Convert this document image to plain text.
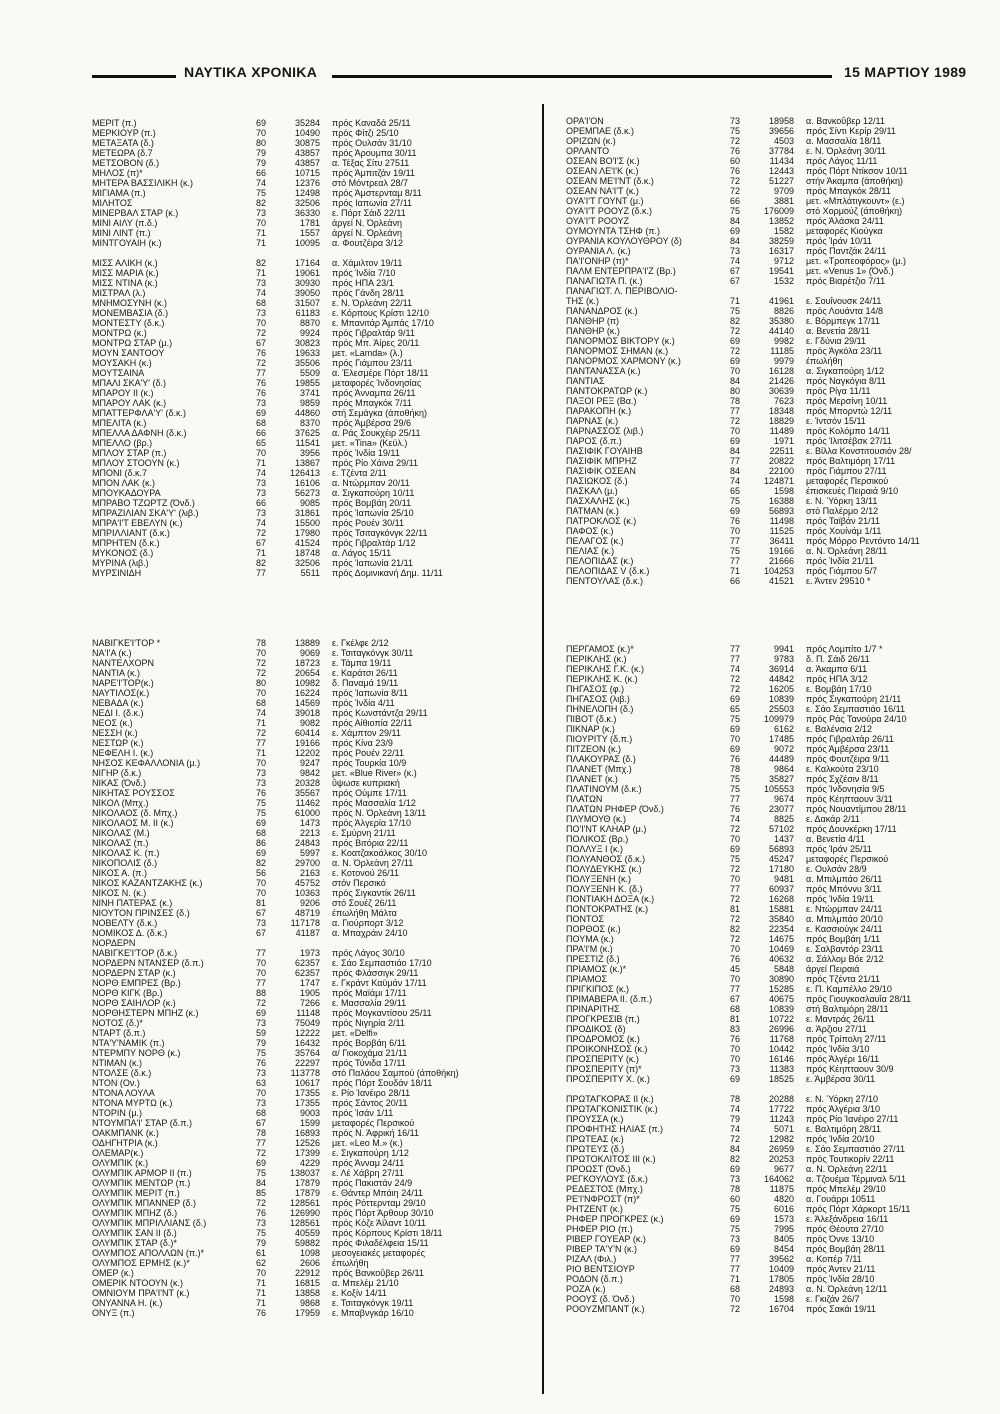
ΝΑΥΤΙΚΑ ΧΡΟΝΙΚΑ	15 ΜΑΡΤΙΟΥ 1989
ΜΕΡΙΤ (π.)	69	35284 πρός Καναδά 25/11
ΜΕΡΚΙΟΥΡ (π.)	70	10490 πρός Φίτζι 25/10
ΜΕΤΑΞΑΤΑ (δ.)	80	30875 πρός Ουλσάν 31/10
ΜΕΤΕΩΡΑ (δ.7	79	43857 πρός Άρουμπα 30/11
ΜΕΤΣΟΒΟΝ (δ.)	79	43857 α. Τέξας Σίτυ 27511
ΜΗΛΟΣ (π)*	66	10715 πρός Άμπιτζάν 19/11
ΜΗΤΕΡΑ ΒΑΣΣΙΛΙΚΗ (κ.)	74	12376 στό Μόντρεαλ 28/7
ΜΙΓΙΑΜΑ (π.)	75	12498 πρός Άμστερνταμ 8/11
ΜΙΛΗΤΟΣ	82	32506 πρός Ιαπωνία 27/11
ΜΙΝΕΡΒΑΛ ΣΤΑΡ (κ.)	73	36330 ε. Πόρτ Σάιδ 22/11
ΜΙΝΙ ΑΙΛΥ (π.δ.)	70	1781 άργεί Ν. Όρλεάνη
ΜΙΝΙ ΛΙΝΤ (π.)	71	1557 άργεί Ν. Όρλεάνη
ΜΙΝΤΓΟΥΑΙΗ (κ.)	71	10095 α. Φουτζέιρα 3/12
ΜΙΣΣ ΑΛΙΚΗ (κ.)	82	17164 α. Χάμιλτον 19/11
ΜΙΣΣ ΜΑΡΙΑ (κ.)	71	19061 πρός Ίνδία 7/10
ΜΙΣΣ ΝΤΙΝΑ (κ.)	73	30930 πρός ΗΠΑ 23/1
ΜΙΣΤΡΑΛ (λ.)	74	39050 πρός Γάνδη 28/11
ΜΝΗΜΟΣΥΝΗ (κ.)	68	31507 ε. Ν. Όρλεάνη 22/11
ΜΟΝΕΜΒΑΣΙΑ (δ.)	73	61183 ε. Κόρπους Κρίστι 12/10
ΜΟΝΤΕΣΤΥ (δ.κ.)	70	8870 ε. Μπανιτάρ Άμπάς 17/10
ΜΟΝΤΡΩ (κ.)	72	9924 πρός Γιβραλτάρ 9/11
ΜΟΝΤΡΩ ΣΤΑΡ (μ.)	67	30823 πρός Μπ. Άίρες 20/11
ΜΟΥΝ ΣΑΝΤΟΟΥ	76	19633 μετ. «Lamda» (λ.)
ΜΟΥΣΑΚΗ (κ.)	72	35506 πρός Γιάμπου 23/11
ΜΟΥΤΣΑΙΝΑ	77	5509 α. Έλεσμέρε Πόρτ 18/11
ΜΠΑΛΙ ΣΚΑ'Υ' (δ.)	76	19855 μεταφορές Ίνδονησίας
ΜΠΑΡΟΥ ΙΙ (κ.)	76	3741 πρός Άνναμπα 26/11
ΜΠΑΡΟΥ ΛΑΚ (κ.)	73	9859 πρός Μπαγκόκ 7/11
ΜΠΑΤΤΕΡΦΛΑ'Υ' (δ.κ.)	69	44860 στή Σεμάγκα (άποθήκη)
ΜΠΕΛΙΤΑ (κ.)	68	8370 πρός Άμβέρσα 29/6
ΜΠΕΛΛΑ ΔΑΦΝΗ (δ.κ.)	66	37625 α. Ράς Σουκχέιρ 25/11
ΜΠΕΛΛΟ (βρ.)	65	11541 μετ. «Tina» (Κεϋλ.)
ΜΠΛΟΥ ΣΤΑΡ (π.)	70	3956 πρός Ίνδία 19/11
ΜΠΛΟΥ ΣΤΟΟΥΝ (κ.)	71	13867 πρός Ρίο Χάινα 29/11
ΜΠΟΝΙ (δ.κ.7	74	126413 ε. Τζέντα 2/11
ΜΠΟΝ ΛΑΚ (κ.)	73	16106 α. Ντώρμπαν 20/11
ΜΠΟΥΚΑΔΟΥΡΑ	73	56273 α. Σιγκαπούρη 10/11
ΜΠΡΑΒΟ ΤΖΩΡΤΖ (Όνδ.)	66	9085 πρός Βομβάη 20/11
ΜΠΡΑΖΙΛΙΑΝ ΣΚΑ'Υ' (λιβ.)	73	31861 πρός Ίαπωνία 25/10
ΜΠΡΑ'Ι'Τ ΕΒΕΛΥΝ (κ.)	74	15500 πρός Ρουέν 30/11
ΜΠΡΙΛΛΙΑΝΤ (δ.κ.)	72	17980 πρός Τσιταγκόνγκ 22/11
ΜΠΡΗΤΕΝ (δ.κ.)	67	41524 πρός Γιβραλτάρ 1/12
ΜΥΚΟΝΟΣ (δ.)	71	18748 α. Λάγος 15/11
ΜΥΡΙΝΑ (λιβ.)	82	32506 πρός Ίαπωνία 21/11
ΜΥΡΣΙΝΙΔΗ	77	5511 πρός Δομινικανή Δημ. 11/11
ΝΑΒΙΓΚΕ'Ι'ΤΟΡ *	78	13889 ε. Γκέλφε 2/12
ΝΑ'Ι'Α (κ.)	70	9069 ε. Τσιταγκόνγκ 30/11
ΝΑΝΤΕΛΧΟΡΝ	72	18723 ε. Τάμπα 19/11
ΝΑΝΤΙΑ (κ.)	72	20654 ε. Καράτσι 26/11
ΝΑΡΕ'Ι'ΤΟΡ(κ.)	80	10982 δ. Παναμά 19/11
ΝΑΥΤΙΛΟΣ(κ.)	70	16224 πρός Ίαπωνία 8/11
ΝΕΒΑΔΑ (κ.)	68	14569 πρός Ίνδία 4/11
ΝΕΔΙ Ι. (δ.κ.)	74	39018 πρός Κωνστάντζα 29/11
ΝΕΟΣ (κ.)	71	9082 πρός Αίθιοπία 22/11
ΝΕΣΣΗ (κ.)	72	60414 ε. Χάμπτον 29/11
ΝΕΣΤΩΡ (κ.)	77	19166 πρός Κίνα 23/9
ΝΕΦΕΛΗ Ι. (κ.)	71	12202 πρός Ρουέν 22/11
ΝΗΣΟΣ ΚΕΦΑΛΛΟΝΙΑ (μ.)	70	9247 πρός Τουρκία 10/9
ΝΙΓΗΡ (δ.κ.)	73	9842 μετ. «Blue River» (κ.)
ΝΙΚΑΣ (Όνδ.)	73	20328 ΰψωσε κυπριακή
ΝΙΚΗΤΑΣ ΡΟΥΣΣΟΣ	76	35567 πρός Ούμπε 17/11
ΝΙΚΟΛ (Μπχ.)	75	11462 πρός Μασσαλία 1/12
ΝΙΚΟΛΑΟΣ (δ. Μπχ.)	75	61000 πρός Ν. Όρλεάνη 13/11
ΝΙΚΟΛΑΟΣ Μ. ΙΙ (κ.)	69	1473 πρός Άλγερία 17/10
ΝΙΚΟΛΑΣ (Μ.)	68	2213 ε. Σμύρνη 21/11
ΝΙΚΟΛΑΣ (π.)	86	24843 πρός Βιτόρια 22/11
ΝΙΚΟΛΑΣ Κ. (π.)	69	5997 ε. Κοατζακοάλκος 30/10
ΝΙΚΟΠΟΛΙΣ (δ.)	82	29700 α. Ν. Όρλεάνη 27/11
ΝΙΚΟΣ Α. (π.)	56	2163 ε. Κοτονού 26/11
ΝΙΚΟΣ ΚΑΖΑΝΤΖΑΚΗΣ (κ.)	70	45752 στόν Περσικό
ΝΙΚΟΣ Ν. (κ.)	70	10363 πρός Σιγκαντίκ 26/11
ΝΙΝΗ ΠΑΤΕΡΑΣ (κ.)	81	9206 στό Σουέζ 26/11
ΝΙΟΥΤΟΝ ΠΡΙΝΣΕΣ (δ.)	67	48719 έπωλήθη Μάλτα
ΝΟΒΕΛΤΥ (δ.κ.)	73	117178 α. Γιούρπορτ 3/12
ΝΟΜΙΚΟΣ Δ. (δ.κ.)	67	41187 α. Μπαχράιν 24/10
ΝΟΡΔΕΡΝ
ΝΑΒΙΓΚΕ'Ι'ΤΟΡ (δ.κ.)	77	1973 πρός Λάγος 30/10
ΝΟΡΔΕΡΝ ΝΤΑΝΣΕΡ (δ.π.)	70	62357 ε. Σάο Σεμπαστιάο 17/10
ΝΟΡΔΕΡΝ ΣΤΑΡ (κ.)	70	62357 πρός Φλάσσιγκ 29/11
ΝΟΡΘ ΕΜΠΡΕΣ (Βρ.)	77	1747 ε. Γκράντ Καϋμάν 17/11
ΝΟΡΘ ΚΙΓΚ (Βρ.)	88	1905 πρός Μαϊάμι 17/11
ΝΟΡΘ ΣΑΙΗΛΟΡ (κ.)	72	7266 ε. Μασσαλία 29/11
ΝΟΡΘΗΣΤΕΡΝ ΜΠΗΖ (κ.)	69	11148 πρός Μογκαντίσου 25/11
ΝΟΤΟΣ (δ.)*	73	75049 πρός Νιγηρία 2/11
ΝΤΑΡΤ (δ.π.)	59	12222 μετ. «Delfi»
ΝΤΑ'Υ'ΝΑΜΙΚ (π.)	79	16432 πρός Βορβάη 6/11
ΝΤΕΡΜΠΥ ΝΟΡΘ (κ.)	75	35764 α/ Γιοκοχάμα 21/11
ΝΤΙΜΑΝ (κ.)	76	22297 πρός Τύνιδα 17/11
ΝΤΟΛΣΕ (δ.κ.)	73	113778 στό Παλάου Σαμπού (άποθήκη)
ΝΤΟΝ (Ον.)	63	10617 πρός Πόρτ Σουδάν 18/11
ΝΤΟΝΑ ΛΟΥΛΑ	70	17355 ε. Ρίο Ίανέιρο 28/11
ΝΤΟΝΑ ΜΥΡΤΩ (κ.)	73	17355 πρός Σάντος 20/11
ΝΤΟΡΙΝ (μ.)	68	9003 πρός Ίσάν 1/11
ΝΤΟΥΜΠΑ'Ι' ΣΤΑΡ (δ.π.)	67	1599 μεταφορές Περσικού
ΟΑΚΜΠΑΝΚ (κ.)	78	16893 πρός Ν. Άφρική 16/11
ΟΔΗΓΗΤΡΙΑ (κ.)	77	12526 μετ. «Leo M.» (κ.)
ΟΛΕΜΑΡ(κ.)	72	17399 ε. Σιγκαπούρη 1/12
ΟΛΥΜΠΙΚ (κ.)	69	4229 πρός Άνναμ 24/11
ΟΛΥΜΠΙΚ ΑΡΜΟΡ ΙΙ (π.)	75	138037 ε. Λέ Χάβρη 27/11
ΟΛΥΜΠΙΚ ΜΕΝΤΩΡ (π.)	84	17879 πρός Πακιστάν 24/9
ΟΛΥΜΠΙΚ ΜΕΡΙΤ (π.)	85	17879 ε. Θάντερ Μπάιη 24/11
ΟΛΥΜΠΙΚ ΜΠΑΝΝΕΡ (δ.)	72	128561 πρός Ρόττερνταμ 29/10
ΟΛΥΜΠΙΚ ΜΠΗΖ (δ.)	76	126990 πρός Πόρτ Άρθουρ 30/10
ΟΛΥΜΠΙΚ ΜΠΡΙΛΛΙΑΝΣ (δ.)	73	128561 πρός Κόζε Άϊλαντ 10/11
ΟΛΥΜΠΙΚ ΣΑΝ ΙΙ (δ.)	75	40559 πρός Κόρπους Κρίστι 18/11
ΟΛΥΜΠΙΚ ΣΤΑΡ (δ.)*	79	59882 πρός Φιλαδέλφεια 15/11
ΟΛΥΜΠΟΣ ΑΠΟΛΛΩΝ (π.)*	61	1098 μεσογειακές μεταφορές
ΟΛΥΜΠΟΣ ΕΡΜΗΣ (κ.)*	62	2606 έπωλήθη
ΟΜΕΡ (κ.)	70	22912 πρός Βανκοΰβερ 26/11
ΟΜΕΡΙΚ ΝΤΟΟΥΝ (κ.)	71	16815 α. Μπελέμ 21/10
ΟΜΝΙΟΥΜ ΠΡΑ'Ι'ΝΤ (κ.)	71	13858 ε. Κοξίν 14/11
ΟΝΥΑΝΝΑ Η. (κ.)	71	9868 ε. Τσιταγκόνγκ 19/11
ΟΝΥΞ (π.)	76	17959 ε. Μπαβνγκάρ 16/10
ΟΡΑ'Ι'ΟΝ	73	18958 α. Βανκοΰβερ 12/11
ΟΡΕΜΠΑΕ (δ.κ.)	75	39656 πρός Σίντι Κερίρ 29/11
ΟΡΙΖΩΝ (κ.)	72	4503 α. Μασσαλία 18/11
ΟΡΛΑΝΤΟ	76	37784 ε. Ν. Όρλεάνη 30/11
ΟΣΕΑΝ ΒΟ'Ι'Σ (κ.)	60	11434 πρός Λάγος 11/11
ΟΣΕΑΝ ΛΕ'Ι'Κ (κ.)	76	12443 πρός Πόρτ Ντίκσον 10/11
ΟΣΕΑΝ ΜΕ'Ι'ΝΤ (δ.κ.)	72	51227 στήν Άκαμπα (άποθήκη)
ΟΣΕΑΝ ΝΑ'Ι'Τ (κ.)	72	9709 πρός Μπαγκόκ 28/11
ΟΥΑ'Ι'Τ ΓΟΥΝΤ (μ.)	66	3881 μετ. «Μπλάτιγκουντ» (ε.)
ΟΥΑ'Ι'Τ ΡΟΟΥΖ (δ.κ.)	75	176009 στό Χορμούζ (άποθήκη)
ΟΥΑ'Ι'Τ ΡΟΟΥΖ	84	13852 πρός Άλάσκα 24/11
ΟΥΜΟΥΝΤΑ ΤΣΗΦ (π.)	69	1582 μεταφορές Κιούγκα
ΟΥΡΑΝΙΑ ΚΟΥΛΟΥΘΡΟΥ (δ)	84	38259 πρός Ίράν 10/11
ΟΥΡΑΝΙΑ Λ. (κ.)	73	16317 πρός Παντζάκ 24/11
ΠΑ'Ι'ΟΝΗΡ (π)*	74	9712 μετ. «Τροπεοφόρος» (μ.)
ΠΑΛΜ ΕΝΤΕΡΠΡΑ'Ι'Ζ (Βρ.)	67	19541 μετ. «Venus 1» (Όνδ.)
ΠΑΝΑΓΙΩΤΑ Π. (κ.)	67	1532 πρός Βιαρέτζιο 7/11
ΠΑΝΑΓΙΩΤ. Λ. ΠΕΡΙΒΟΛΙΟ-
ΤΗΣ (κ.)	71	41961 ε. Σουΐνουσκ 24/11
ΠΑΝΑΝΔΡΟΣ (κ.)	75	8826 πρός Λουάντα 14/8
ΠΑΝΘΗΡ (π)	82	35380 ε. Βόρμπεγκ 17/11
ΠΑΝΘΗΡ (κ.)	72	44140 α. Βενετία 28/11
ΠΑΝΟΡΜΟΣ ΒΙΚΤΟΡΥ (κ.)	69	9982 ε. Γδύνια 29/11
ΠΑΝΟΡΜΟΣ ΣΗΜΑΝ (κ.)	72	11185 πρός Άγκόλα 23/11
ΠΑΝΟΡΜΟΣ ΧΑΡΜΟΝΥ (κ.)	69	9979 έπωλήθη
ΠΑΝΤΑΝΑΣΣΑ (κ.)	70	16128 α. Σιγκαπούρη 1/12
ΠΑΝΤΙΑΣ	84	21426 πρός Ναγκόγια 8/11
ΠΑΝΤΟΚΡΑΤΩΡ (κ.)	80	30639 πρός Ρίγα 11/11
ΠΑΞΟΙ ΡΕΞ (Βα.)	78	7623 πρός Μερσίνη 10/11
ΠΑΡΑΚΟΠΗ (κ.)	77	18348 πρός Μπορντώ 12/11
ΠΑΡΝΑΣ (κ.)	72	18829 ε. Ίντσόν 15/11
ΠΑΡΝΑΣΣΟΣ (λιβ.)	70	11489 πρός Κολόμπο 14/11
ΠΑΡΟΣ (δ.π.)	69	1971 πρός Ίλιτσέβσκ 27/11
ΠΑΣΙΦΙΚ ΓΟΥΑΙΗΒ	84	22511 ε. Βίλλα Κονστιτουσιόν 28/
ΠΑΣΙΦΙΚ ΜΠΡΗΖ	77	20822 πρός Βαλτιμόρη 17/11
ΠΑΣΙΦΙΚ ΟΣΕΑΝ	84	22100 πρός Γιάμπου 27/11
ΠΑΣΙΩΚΟΣ (δ.)	74	124871 μεταφορές Περσικού
ΠΑΣΚΑΛ (μ.)	65	1598 έπισκευές Πειραιά 9/10
ΠΑΣΧΑΛΗΣ (κ.)	75	16388 ε. Ν. Ύόρκη 13/11
ΠΑΤΜΑΝ (κ.)	69	56893 στό Παλέρμο 2/12
ΠΑΤΡΟΚΛΟΣ (κ.)	76	11498 πρός Ταϊβάν 21/11
ΠΑΦΟΣ (κ.)	70	11525 πρός Χουίνάμ 1/11
ΠΕΛΑΓΟΣ (κ.)	77	36411 πρός Μόρρο Ρεντόντο 14/11
ΠΕΛΙΑΣ (κ.)	75	19166 α. Ν. Όρλεάνη 28/11
ΠΕΛΟΠΙΔΑΣ (κ.)	77	21666 πρός Ίνδία 21/11
ΠΕΛΟΠΙΔΑΣ V (δ.κ.)	71	104253 πρός Γιάμπου 5/7
ΠΕΝΤΟΥΛΑΣ (δ.κ.)	66	41521 ε. Άντεν 29510 *
ΠΕΡΓΑΜΟΣ (κ.)*	77	9941 πρός Λομπίτο 1/7 *
ΠΕΡΙΚΛΗΣ (κ.)	77	9783 δ. Π. Σάιδ 26/11
ΠΕΡΙΚΛΗΣ Γ.Κ. (κ.)	74	36914 α. Άκαμπα 6/11
ΠΕΡΙΚΛΗΣ Κ. (κ.)	72	44842 πρός ΗΠΑ 3/12
ΠΗΓΑΣΟΣ (φ.)	72	16205 ε. Βομβάη 17/10
ΠΗΓΑΣΟΣ (λιβ.)	69	10839 πρός Σιγκαπούρη 21/11
ΠΗΝΕΛΟΠΗ (δ.)	65	25503 ε. Σάο Σεμπαστιάο 16/11
ΠΙΒΟΤ (δ.κ.)	75	109979 πρός Ράς Τανούρα 24/10
ΠΙΚΝΑΡ (κ.)	69	6162 ε. Βαλένσια 2/12
ΠΙΟΥΡΙΤΥ (δ.π.)	70	17485 πρός Γιβραλτάρ 26/11
ΠΙΤΖΕΟΝ (κ.)	69	9072 πρός Άμβέρσα 23/11
ΠΛΑΚΟΥΡΑΣ (δ.)	76	44489 πρός Φουτζέιρα 9/11
ΠΛΑΝΕΤ (Μπχ.)	78	9864 ε. Καλκούτα 23/10
ΠΛΑΝΕΤ (κ.)	75	35827 πρός Σχζέσιν 8/11
ΠΛΑΤΙΝΟΥΜ (δ.κ.)	75	105553 πρός Ίνδονησία 9/5
ΠΛΑΤΩΝ	77	9674 πρός Κέηπταουν 3/11
ΠΛΑΤΩΝ ΡΗΦΕΡ (Όνδ.)	76	23077 πρός Νουαντίμπου 28/11
ΠΛΥΜΟΥΘ (κ.)	74	8825 ε. Δακάρ 2/11
ΠΟ'Ι'ΝΤ ΚΛΗΑΡ (μ.)	72	57102 πρός Δουνκέρκη 17/11
ΠΟΛΙΚΟΣ (Βρ.)	70	1437 α. Βενετία 4/11
ΠΟΛΛΥΞ Ι (κ.)	69	56893 πρός Ίράν 25/11
ΠΟΛΥΑΝΘΟΣ (δ.κ.)	75	45247 μεταφορές Περσικού
ΠΟΛΥΔΕΥΚΗΣ (κ.)	72	17180 ε. Ουλσάν 28/9
ΠΟΛΥΞΕΝΗ (κ.)	70	9481 α. Μπιλμπάο 26/11
ΠΟΛΥΞΕΝΗ Κ. (δ.)	77	60937 πρός Μπόννυ 3/11
ΠΟΝΤΙΑΚΗ ΔΟΞΑ (κ.)	72	16268 πρός Ίνδία 19/11
ΠΟΝΤΟΚΡΑΤΗΣ (κ.)	81	15881 ε. Ντώρμπαν 24/11
ΠΟΝΤΟΣ	72	35840 α. Μπιλμπάο 20/10
ΠΟΡΘΟΣ (κ.)	82	22354 ε. Κασσιούγκ 24/11
ΠΟΥΜΑ (κ.)	72	14675 πρός Βομβάη 1/11
ΠΡΑ'Ι'Μ (κ.)	70	10469 ε. Σαλβαντόρ 23/11
ΠΡΕΣΤΙΖ (δ.)	76	40632 α. Σάλλομ Βόε 2/12
ΠΡΙΑΜΟΣ (κ.)*	45	5848 άργεί Πειραιά
ΠΡΙΑΜΟΣ	70	30890 πρός Τζέντα 21/11
ΠΡΙΓΚΙΠΟΣ (κ.)	77	15285 ε. Π. Καμπέλλο 29/10
ΠΡΙΜΑΒΕΡΑ ΙΙ. (δ.π.)	67	40675 πρός Γιουγκοσλαυΐα 28/11
ΠΡΙΝΑΡΙΤΗΣ	68	10839 στή Βαλτιμόρη 28/11
ΠΡΟΓΚΡΕΣΙΒ (π.)	81	10722 ε. Μαντράς 26/11
ΠΡΟΔΙΚΟΣ (δ)	83	26996 α. Άρζιου 27/11
ΠΡΟΔΡΟΜΟΣ (κ.)	76	11768 πρός Τρίπολη 27/11
ΠΡΟΙΚΟΝΗΣΟΣ (κ.)	70	10442 πρός Ίνδία 3/10
ΠΡΟΣΠΕΡΙΤΥ (κ.)	70	16146 πρός Άλγέρι 16/11
ΠΡΟΣΠΕΡΙΤΥ (π)*	73	11383 πρός Κέηπταουν 30/9
ΠΡΟΣΠΕΡΙΤΥ Χ. (κ.)	69	18525 ε. Άμβέρσα 30/11
ΠΡΩΤΑΓΚΟΡΑΣ ΙΙ (κ.)	78	20288 ε. Ν. Ύόρκη 27/10
ΠΡΩΤΑΓΚΟΝΙΣΤΙΚ (κ.)	74	17722 πρός Άλγέρια 3/10
ΠΡΟΥΣΣΑ (κ.)	79	11243 πρός Ρίο Ίανέιρο 27/11
ΠΡΟΦΗΤΗΣ ΗΛΙΑΣ (π.)	74	5071 ε. Βαλτιμόρη 28/11
ΠΡΩΤΕΑΣ (κ.)	72	12982 πρός Ίνδία 20/10
ΠΡΩΤΕΥΣ (δ.)	84	26959 ε. Σάο Σεμπαστιάο 27/11
ΠΡΩΤΟΚΛΙΤΟΣ ΙΙΙ (κ.)	82	20253 πρός Τουτικορίν 22/11
ΠΡΟΩΣΤ (Όνδ.)	69	9677 α. Ν. Όρλεάνη 22/11
ΡΕΓΚΟΥΛΟΥΣ (δ.κ.)	73	164062 α. Τζουέμα Τέρμιναλ 5/11
ΡΕΔΕΣΤΟΣ (Μπχ.)	78	11875 πρός Μπελέμ 29/10
ΡΕ'Ι'ΝΦΡΟΣΤ (π)*	60	4820 α. Γουάρρι 10511
ΡΗΤΖΕΝΤ (κ.)	75	6016 πρός Πόρτ Χάρκορτ 15/11
ΡΗΦΕΡ ΠΡΟΓΚΡΕΣ (κ.)	69	1573 ε. Άλεξάνδρεια 16/11
ΡΗΦΕΡ ΡΙΟ (π.)	75	7995 πρός Θέουτα 27/10
ΡΙΒΕΡ ΓΟΥΕΑΡ (κ.)	73	8405 πρός Όννε 13/10
ΡΙΒΕΡ ΤΑ'Υ'Ν (κ.)	69	8454 πρός Βομβάη 28/11
ΡΙΖΑΛ (Φιλ.)	77	39562 α. Κοπέρ 7/11
ΡΙΟ ΒΕΝΤΣΙΟΥΡ	77	10409 πρός Άντεν 21/11
ΡΟΔΟΝ (δ.π.)	71	17805 πρός Ίνδία 28/10
ΡΟΖΑ (κ.)	68	24893 α. Ν. Όρλεάνη 12/11
ΡΟΟΥΣ (δ. Όνδ.)	70	1598 ε. Γκιζάν 26/7
ΡΟΟΥΖΜΠΑΝΤ (κ.)	72	16704 πρός Σακάι 19/11
